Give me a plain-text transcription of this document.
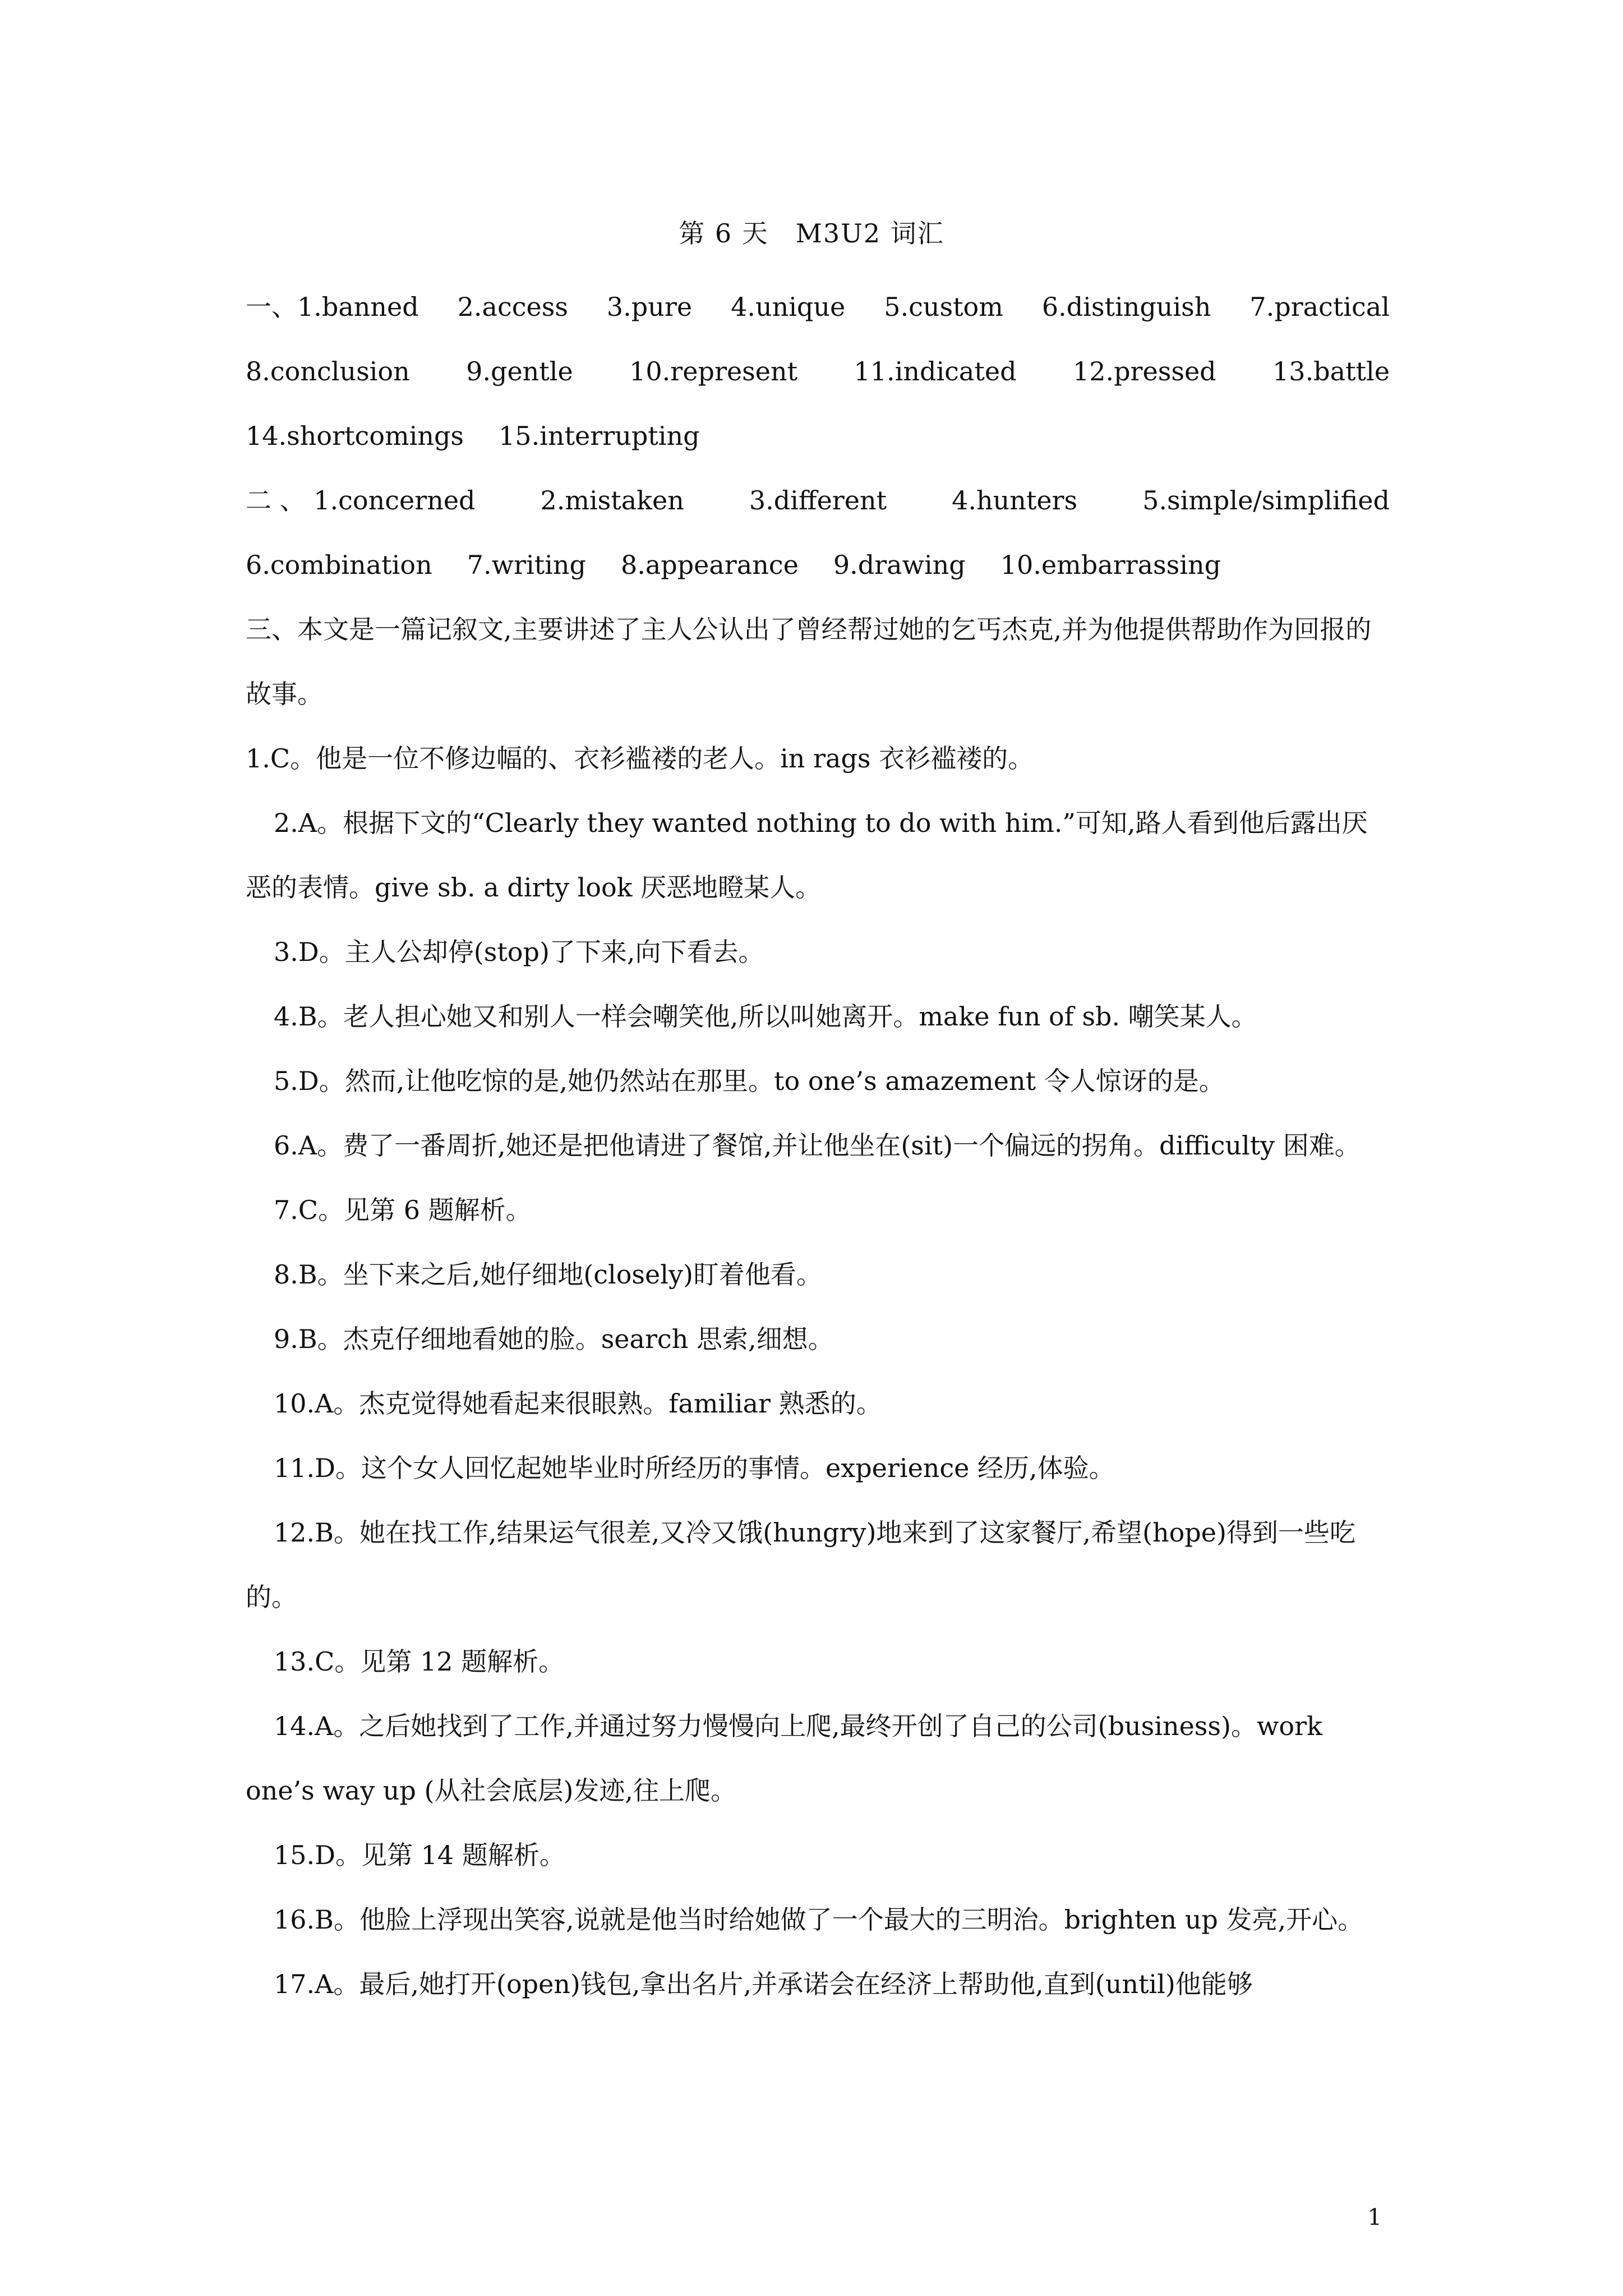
第 6 天　M3U2 词汇
一、1.banned 2.access 3.pure 4.unique 5.custom 6.distinguish 7.practical
8.conclusion 9.gentle 10.represent 11.indicated 12.pressed 13.battle
14.shortcomings 15.interrupting
二 、 1.concerned	2.mistaken	3.different	4.hunters	5.simple/simplified
6.combination 7.writing 8.appearance 9.drawing 10.embarrassing
三、本文是一篇记叙文,主要讲述了主人公认出了曾经帮过她的乞丐杰克,并为他提供帮助作为回报的故事。
1.C。他是一位不修边幅的、衣衫褴褛的老人。in rags 衣衫褴褛的。
2.A。根据下文的“Clearly they wanted nothing to do with him.”可知,路人看到他后露出厌恶的表情。give sb. a dirty look 厌恶地瞪某人。
3.D。主人公却停(stop)了下来,向下看去。
4.B。老人担心她又和别人一样会嘲笑他,所以叫她离开。make fun of sb. 嘲笑某人。
5.D。然而,让他吃惊的是,她仍然站在那里。to one’s amazement 令人惊讶的是。
6.A。费了一番周折,她还是把他请进了餐馆,并让他坐在(sit)一个偏远的拐角。difficulty 困难。
7.C。见第 6 题解析。
8.B。坐下来之后,她仔细地(closely)盯着他看。
9.B。杰克仔细地看她的脸。search 思索,细想。
10.A。杰克觉得她看起来很眼熟。familiar 熟悉的。
11.D。这个女人回忆起她毕业时所经历的事情。experience 经历,体验。
12.B。她在找工作,结果运气很差,又冷又饿(hungry)地来到了这家餐厅,希望(hope)得到一些吃的。
13.C。见第 12 题解析。
14.A。之后她找到了工作,并通过努力慢慢向上爬,最终开创了自己的公司(business)。work one’s way up (从社会底层)发迹,往上爬。
15.D。见第 14 题解析。
16.B。他脸上浮现出笑容,说就是他当时给她做了一个最大的三明治。brighten up 发亮,开心。
17.A。最后,她打开(open)钱包,拿出名片,并承诺会在经济上帮助他,直到(until)他能够
1
